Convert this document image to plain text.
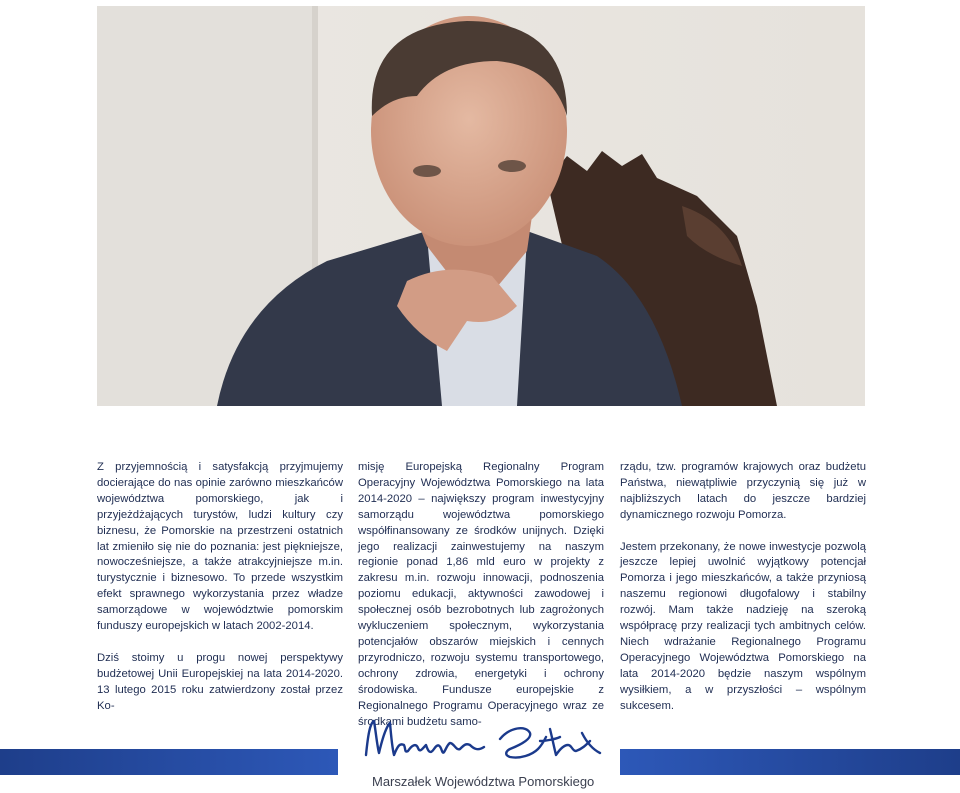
Z przyjemnością i satysfakcją przyjmujemy docierające do nas opinie zarówno mieszkańców województwa pomorskiego, jak i przyjeżdżających turystów, ludzi kultury czy biznesu, że Pomorskie na przestrzeni ostatnich lat zmieniło się nie do poznania: jest piękniejsze, nowocześniejsze, a także atrakcyjniejsze m.in. turystycznie i biznesowo. To przede wszystkim efekt sprawnego wykorzystania przez władze samorządowe w województwie pomorskim funduszy europejskich w latach 2002-2014.

Dziś stoimy u progu nowej perspektywy budżetowej Unii Europejskiej na lata 2014-2020. 13 lutego 2015 roku zatwierdzony został przez Ko-

misję Europejską Regionalny Program Operacyjny Województwa Pomorskiego na lata 2014-2020 – największy program inwestycyjny samorządu województwa pomorskiego współfinansowany ze środków unijnych. Dzięki jego realizacji zainwestujemy na naszym regionie ponad 1,86 mld euro w projekty z zakresu m.in. rozwoju innowacji, podnoszenia poziomu edukacji, aktywności zawodowej i społecznej osób bezrobotnych lub zagrożonych wykluczeniem społecznym, wykorzystania potencjałów obszarów miejskich i cennych przyrodniczo, rozwoju systemu transportowego, ochrony zdrowia, energetyki i ochrony środowiska. Fundusze europejskie z Regionalnego Programu Operacyjnego wraz ze środkami budżetu samo-

rządu, tzw. programów krajowych oraz budżetu Państwa, niewątpliwie przyczynią się już w najbliższych latach do jeszcze bardziej dynamicznego rozwoju Pomorza.

Jestem przekonany, że nowe inwestycje pozwolą jeszcze lepiej uwolnić wyjątkowy potencjał Pomorza i jego mieszkańców, a także przyniosą naszemu regionowi długofalowy i stabilny rozwój. Mam także nadzieję na szeroką współpracę przy realizacji tych ambitnych celów. Niech wdrażanie Regionalnego Programu Operacyjnego Województwa Pomorskiego na lata 2014-2020 będzie naszym wspólnym wysiłkiem, a w przyszłości – wspólnym sukcesem.

Marszałek Województwa Pomorskiego
